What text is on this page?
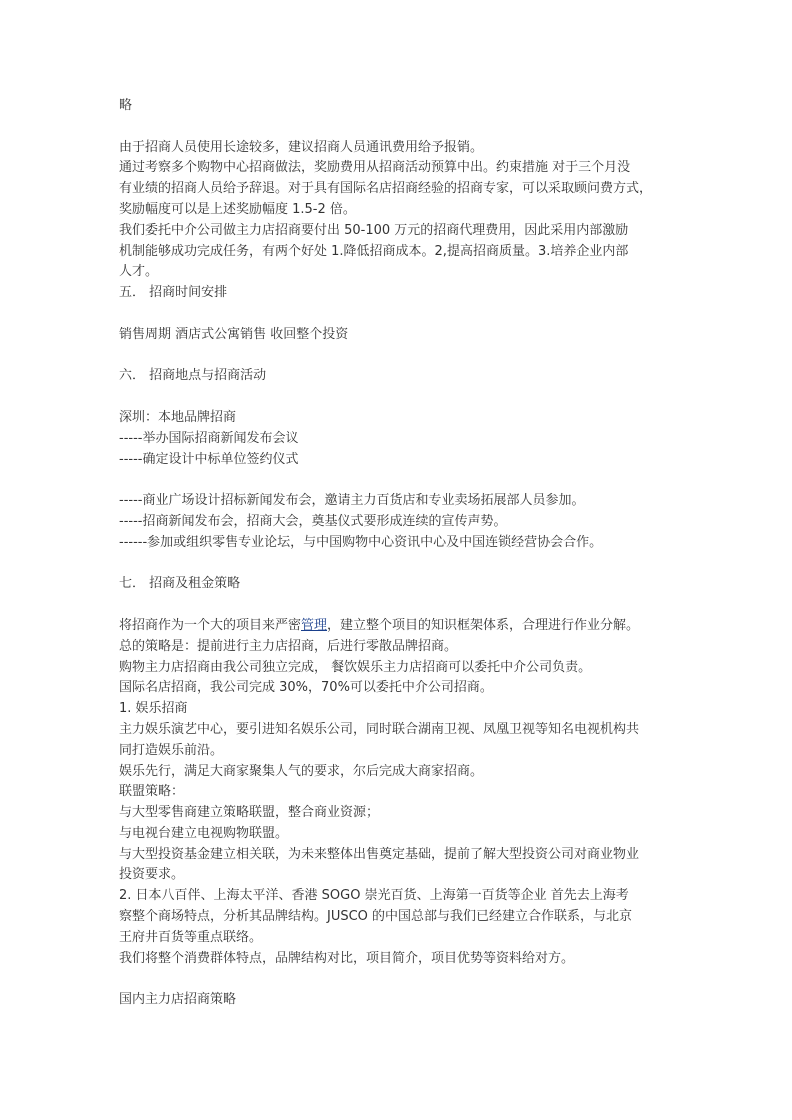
略
由于招商人员使用长途较多，建议招商人员通讯费用给予报销。
通过考察多个购物中心招商做法，奖励费用从招商活动预算中出。约束措施 对于三个月没
有业绩的招商人员给予辞退。对于具有国际名店招商经验的招商专家，可以采取顾问费方式，
奖励幅度可以是上述奖励幅度 1.5-2 倍。
我们委托中介公司做主力店招商要付出 50-100 万元的招商代理费用，因此采用内部激励
机制能够成功完成任务，有两个好处 1.降低招商成本。2,提高招商质量。3.培养企业内部
人才。
五． 招商时间安排
销售周期 酒店式公寓销售 收回整个投资
六． 招商地点与招商活动
深圳：本地品牌招商
-----举办国际招商新闻发布会议
-----确定设计中标单位签约仪式
-----商业广场设计招标新闻发布会，邀请主力百货店和专业卖场拓展部人员参加。
-----招商新闻发布会，招商大会，奠基仪式要形成连续的宣传声势。
------参加或组织零售专业论坛，与中国购物中心资讯中心及中国连锁经营协会合作。
七． 招商及租金策略
将招商作为一个大的项目来严密管理，建立整个项目的知识框架体系，合理进行作业分解。
总的策略是：提前进行主力店招商，后进行零散品牌招商。
购物主力店招商由我公司独立完成， 餐饮娱乐主力店招商可以委托中介公司负责。
国际名店招商，我公司完成 30%，70%可以委托中介公司招商。
1. 娱乐招商
主力娱乐演艺中心，要引进知名娱乐公司，同时联合湖南卫视、凤凰卫视等知名电视机构共
同打造娱乐前沿。
娱乐先行，满足大商家聚集人气的要求，尔后完成大商家招商。
联盟策略：
与大型零售商建立策略联盟，整合商业资源；
与电视台建立电视购物联盟。
与大型投资基金建立相关联，为未来整体出售奠定基础，提前了解大型投资公司对商业物业
投资要求。
2. 日本八百伴、上海太平洋、香港 SOGO 崇光百货、上海第一百货等企业 首先去上海考
察整个商场特点，分析其品牌结构。JUSCO 的中国总部与我们已经建立合作联系，与北京
王府井百货等重点联络。
我们将整个消费群体特点，品牌结构对比，项目简介，项目优势等资料给对方。
国内主力店招商策略
